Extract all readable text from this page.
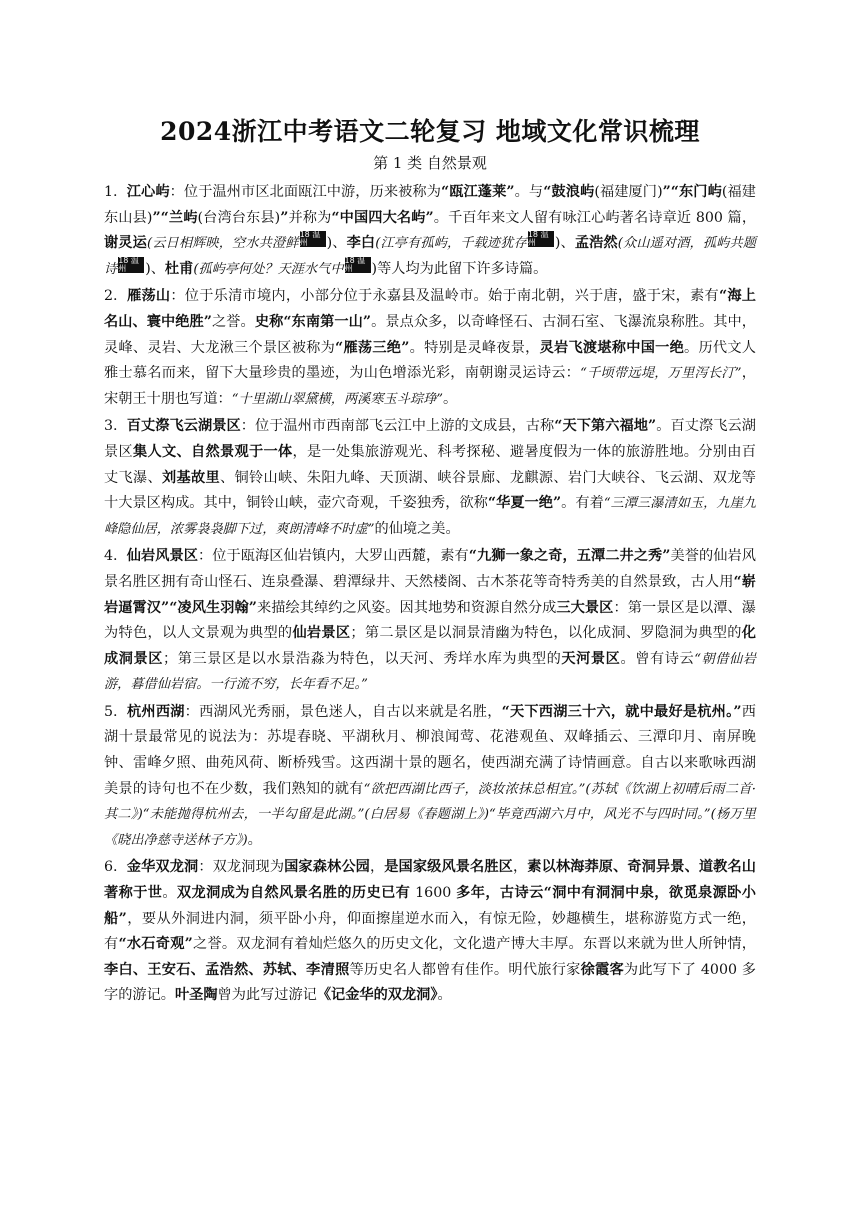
2024浙江中考语文二轮复习 地域文化常识梳理
第 1 类 自然景观

1. 江心屿：位于温州市区北面瓯江中游，历来被称为“瓯江蓬莱”。与“鼓浪屿(福建厦门)”“东门屿(福建东山县)”“兰屿(台湾台东县)”并称为“中国四大名屿”。千百年来文人留有咏江心屿著名诗章近 800 篇，谢灵运(云日相辉映，空水共澄鲜18 温州 )、李白(江亭有孤屿，千载迹犹存18 温州 )、孟浩然(众山遥对酒，孤屿共题诗18 温州 )、杜甫(孤屿亭何处？天涯水气中18 温州 )等人均为此留下许多诗篇。

2. 雁荡山：位于乐清市境内，小部分位于永嘉县及温岭市。始于南北朝，兴于唐，盛于宋，素有“海上名山、寰中绝胜”之誉。史称“东南第一山”。景点众多，以奇峰怪石、古洞石室、飞瀑流泉称胜。其中，灵峰、灵岩、大龙湫三个景区被称为“雁荡三绝”。特别是灵峰夜景，灵岩飞渡堪称中国一绝。历代文人雅士慕名而来，留下大量珍贵的墨迹，为山色增添光彩，南朝谢灵运诗云：“千顷带远堤，万里泻长汀”，宋朝王十朋也写道：“十里湖山翠黛横，两溪寒玉斗琮琤”。

3. 百丈漈飞云湖景区：位于温州市西南部飞云江中上游的文成县，古称“天下第六福地”。百丈漈飞云湖景区集人文、自然景观于一体，是一处集旅游观光、科考探秘、避暑度假为一体的旅游胜地。分别由百丈飞瀑、刘基故里、铜铃山峡、朱阳九峰、天顶湖、峡谷景廊、龙麒源、岩门大峡谷、飞云湖、双龙等十大景区构成。其中，铜铃山峡，壶穴奇观，千姿独秀，欲称“华夏一绝”。有着“三潭三瀑清如玉，九崖九峰隐仙居，浓雾袅袅脚下过，爽朗清峰不时虚”的仙境之美。

4. 仙岩风景区：位于瓯海区仙岩镇内，大罗山西麓，素有“九狮一象之奇，五潭二井之秀”美誉的仙岩风景名胜区拥有奇山怪石、连泉叠瀑、碧潭绿井、天然楼阁、古木茶花等奇特秀美的自然景致，古人用“崭岩逼霄汉”“凌风生羽翰”来描绘其绰约之风姿。因其地势和资源自然分成三大景区：第一景区是以潭、瀑为特色，以人文景观为典型的仙岩景区；第二景区是以洞景清幽为特色，以化成洞、罗隐洞为典型的化成洞景区；第三景区是以水景浩淼为特色，以天河、秀垟水库为典型的天河景区。曾有诗云“朝借仙岩游，暮借仙岩宿。一行流不穷，长年看不足。”

5. 杭州西湖：西湖风光秀丽，景色迷人，自古以来就是名胜，“天下西湖三十六，就中最好是杭州。”西湖十景最常见的说法为：苏堤春晓、平湖秋月、柳浪闻莺、花港观鱼、双峰插云、三潭印月、南屏晚钟、雷峰夕照、曲苑风荷、断桥残雪。这西湖十景的题名，使西湖充满了诗情画意。自古以来歌咏西湖美景的诗句也不在少数，我们熟知的就有“欲把西湖比西子，淡妆浓抹总相宜。”(苏轼《饮湖上初晴后雨二首·其二》)“未能抛得杭州去，一半勾留是此湖。”(白居易《春题湖上》)“毕竟西湖六月中，风光不与四时同。”(杨万里《晓出净慈寺送林子方》)。

6. 金华双龙洞：双龙洞现为国家森林公园，是国家级风景名胜区，素以林海莽原、奇洞异景、道教名山著称于世。双龙洞成为自然风景名胜的历史已有 1600 多年，古诗云“洞中有洞洞中泉，欲觅泉源卧小船”，要从外洞进内洞，须平卧小舟，仰面擦崖逆水而入，有惊无险，妙趣横生，堪称游览方式一绝，有“水石奇观”之誉。双龙洞有着灿烂悠久的历史文化，文化遗产博大丰厚。东晋以来就为世人所钟情，李白、王安石、孟浩然、苏轼、李清照等历史名人都曾有佳作。明代旅行家徐霞客为此写下了 4000 多字的游记。叶圣陶曾为此写过游记《记金华的双龙洞》。
